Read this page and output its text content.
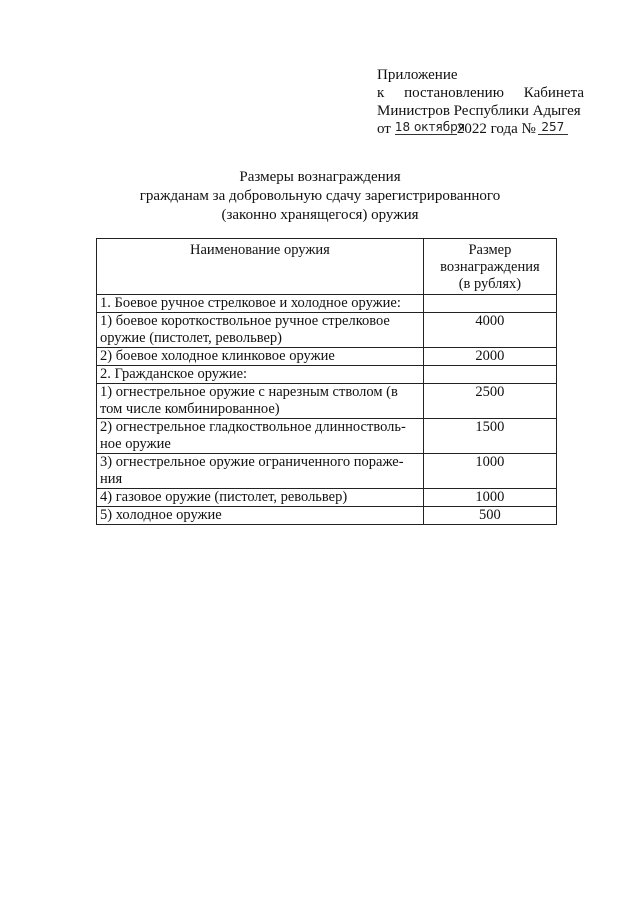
Приложение
к постановлению Кабинета
Министров Республики Адыгея
от 18 октября2022 года № 257
Размеры вознаграждения
гражданам за добровольную сдачу зарегистрированного
(законно хранящегося) оружия
Наименование оружия	Размер
вознаграждения
(в рублях)

1. Боевое ручное стрелковое и холодное оружие:	
1) боевое короткоствольное ручное стрелковое оружие (пистолет, револьвер)	4000
2) боевое холодное клинковое оружие	2000
2. Гражданское оружие:	
1) огнестрельное оружие с нарезным стволом (в том числе комбинированное)	2500
2) огнестрельное гладкоствольное длинностволь-ное оружие	1500
3) огнестрельное оружие ограниченного пораже-ния	1000
4) газовое оружие (пистолет, револьвер)	1000
5) холодное оружие	500
